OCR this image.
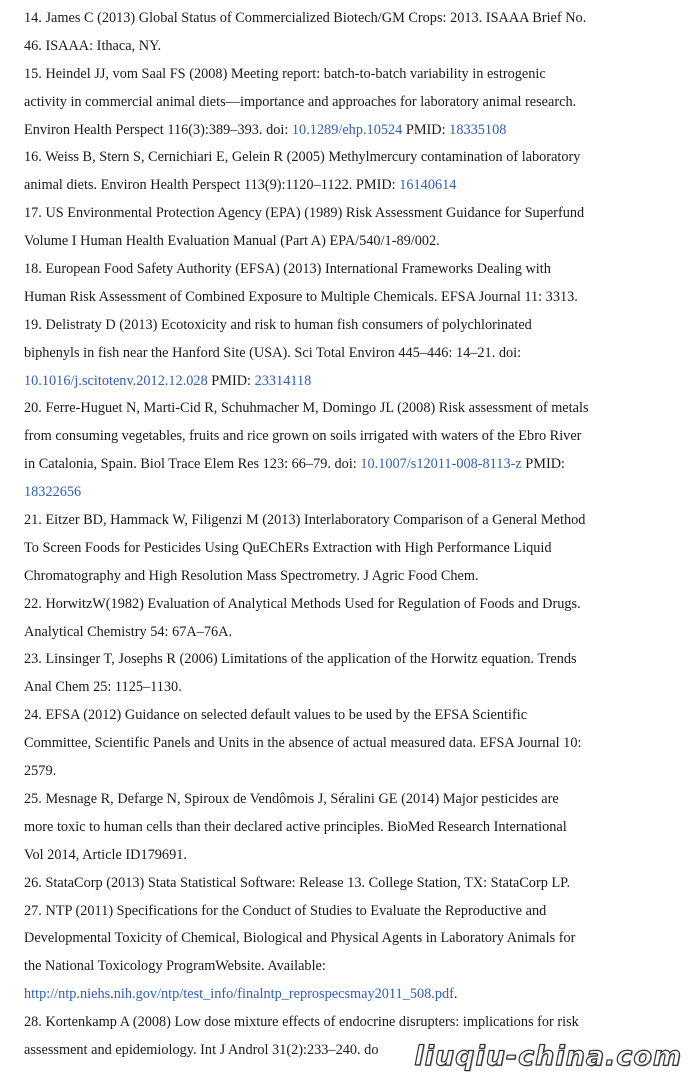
14. James C (2013) Global Status of Commercialized Biotech/GM Crops: 2013. ISAAA Brief No.
46. ISAAA: Ithaca, NY.
15. Heindel JJ, vom Saal FS (2008) Meeting report: batch-to-batch variability in estrogenic
activity in commercial animal diets—importance and approaches for laboratory animal research.
Environ Health Perspect 116(3):389–393. doi: 10.1289/ehp.10524 PMID: 18335108
16. Weiss B, Stern S, Cernichiari E, Gelein R (2005) Methylmercury contamination of laboratory
animal diets. Environ Health Perspect 113(9):1120–1122. PMID: 16140614
17. US Environmental Protection Agency (EPA) (1989) Risk Assessment Guidance for Superfund
Volume I Human Health Evaluation Manual (Part A) EPA/540/1-89/002.
18. European Food Safety Authority (EFSA) (2013) International Frameworks Dealing with
Human Risk Assessment of Combined Exposure to Multiple Chemicals. EFSA Journal 11: 3313.
19. Delistraty D (2013) Ecotoxicity and risk to human fish consumers of polychlorinated
biphenyls in fish near the Hanford Site (USA). Sci Total Environ 445–446: 14–21. doi:
10.1016/j.scitotenv.2012.12.028 PMID: 23314118
20. Ferre-Huguet N, Marti-Cid R, Schuhmacher M, Domingo JL (2008) Risk assessment of metals
from consuming vegetables, fruits and rice grown on soils irrigated with waters of the Ebro River
in Catalonia, Spain. Biol Trace Elem Res 123: 66–79. doi: 10.1007/s12011-008-8113-z PMID:
18322656
21. Eitzer BD, Hammack W, Filigenzi M (2013) Interlaboratory Comparison of a General Method
To Screen Foods for Pesticides Using QuEChERs Extraction with High Performance Liquid
Chromatography and High Resolution Mass Spectrometry. J Agric Food Chem.
22. HorwitzW(1982) Evaluation of Analytical Methods Used for Regulation of Foods and Drugs.
Analytical Chemistry 54: 67A–76A.
23. Linsinger T, Josephs R (2006) Limitations of the application of the Horwitz equation. Trends
Anal Chem 25: 1125–1130.
24. EFSA (2012) Guidance on selected default values to be used by the EFSA Scientific
Committee, Scientific Panels and Units in the absence of actual measured data. EFSA Journal 10:
2579.
25. Mesnage R, Defarge N, Spiroux de Vendômois J, Séralini GE (2014) Major pesticides are
more toxic to human cells than their declared active principles. BioMed Research International
Vol 2014, Article ID179691.
26. StataCorp (2013) Stata Statistical Software: Release 13. College Station, TX: StataCorp LP.
27. NTP (2011) Specifications for the Conduct of Studies to Evaluate the Reproductive and
Developmental Toxicity of Chemical, Biological and Physical Agents in Laboratory Animals for
the National Toxicology ProgramWebsite. Available:
http://ntp.niehs.nih.gov/ntp/test_info/finalntp_reprospecsmay2011_508.pdf.
28. Kortenkamp A (2008) Low dose mixture effects of endocrine disrupters: implications for risk
assessment and epidemiology. Int J Androl 31(2):233–240. do	liuqiu-china.com
